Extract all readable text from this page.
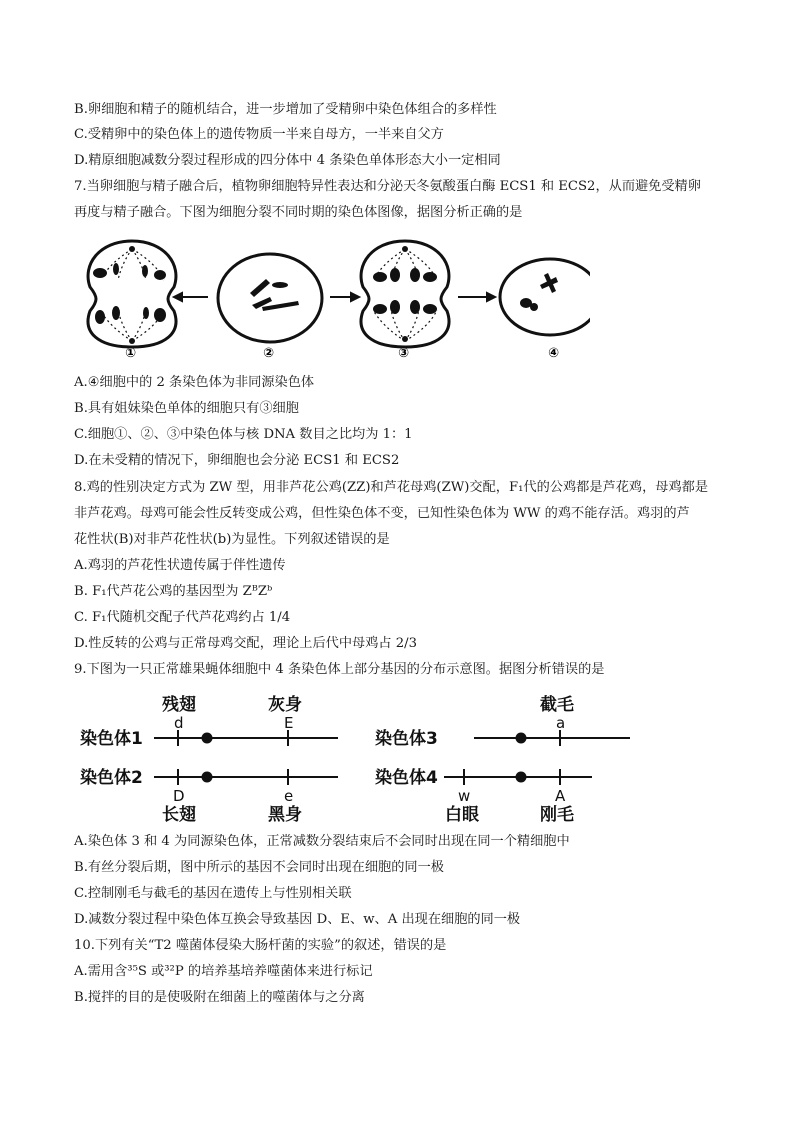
B.卵细胞和精子的随机结合，进一步增加了受精卵中染色体组合的多样性
C.受精卵中的染色体上的遗传物质一半来自母方，一半来自父方
D.精原细胞减数分裂过程形成的四分体中 4 条染色单体形态大小一定相同
7.当卵细胞与精子融合后，植物卵细胞特异性表达和分泌天冬氨酸蛋白酶 ECS1 和 ECS2，从而避免受精卵
再度与精子融合。下图为细胞分裂不同时期的染色体图像，据图分析正确的是
①	②	③	④
A.④细胞中的 2 条染色体为非同源染色体
B.具有姐妹染色单体的细胞只有③细胞
C.细胞①、②、③中染色体与核 DNA 数目之比均为 1：1
D.在未受精的情况下，卵细胞也会分泌 ECS1 和 ECS2
8.鸡的性别决定方式为 ZW 型，用非芦花公鸡(ZZ)和芦花母鸡(ZW)交配，F₁代的公鸡都是芦花鸡，母鸡都是
非芦花鸡。母鸡可能会性反转变成公鸡，但性染色体不变，已知性染色体为 WW 的鸡不能存活。鸡羽的芦
花性状(B)对非芦花性状(b)为显性。下列叙述错误的是
A.鸡羽的芦花性状遗传属于伴性遗传
B. F₁代芦花公鸡的基因型为 ZᴮZᵇ
C. F₁代随机交配子代芦花鸡约占 1/4
D.性反转的公鸡与正常母鸡交配，理论上后代中母鸡占 2/3
9.下图为一只正常雄果蝇体细胞中 4 条染色体上部分基因的分布示意图。据图分析错误的是
残翅	灰身	截毛
d	E	a
染色体1	染色体3
染色体2	染色体4
D	e	w	A
长翅	黑身	白眼	刚毛
A.染色体 3 和 4 为同源染色体，正常减数分裂结束后不会同时出现在同一个精细胞中
B.有丝分裂后期，图中所示的基因不会同时出现在细胞的同一极
C.控制刚毛与截毛的基因在遗传上与性别相关联
D.减数分裂过程中染色体互换会导致基因 D、E、w、A 出现在细胞的同一极
10.下列有关“T2 噬菌体侵染大肠杆菌的实验”的叙述，错误的是
A.需用含³⁵S 或³²P 的培养基培养噬菌体来进行标记
B.搅拌的目的是使吸附在细菌上的噬菌体与之分离
